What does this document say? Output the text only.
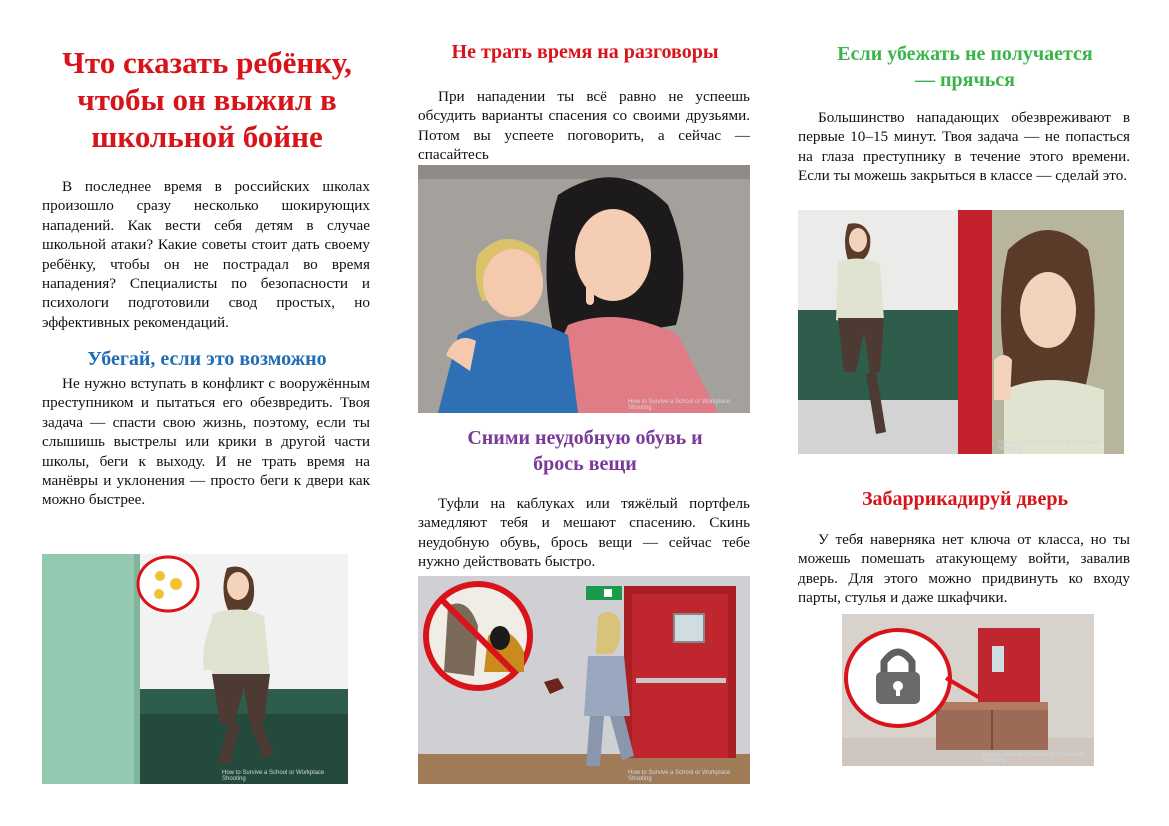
Что сказать ребёнку, чтобы он выжил в школьной бойне

В последнее время в российских школах произошло сразу несколько шокирующих нападений. Как вести себя детям в случае школьной атаки? Какие советы стоит дать своему ребёнку, чтобы он не пострадал во время нападения? Специалисты по безопасности и психологи подготовили свод простых, но эффективных рекомендаций.

Убегай, если это возможно

Не нужно вступать в конфликт с вооружённым преступником и пытаться его обезвредить. Твоя задача — спасти свою жизнь, поэтому, если ты слышишь выстрелы или крики в другой части школы, беги к выходу. И не трать время на манёвры и уклонения — просто беги к двери как можно быстрее.

How to Survive a School or Workplace Shooting
Не трать время на разговоры

При нападении ты всё равно не успеешь обсудить варианты спасения со своими друзьями. Потом вы успеете поговорить, а сейчас — спасайтесь

How to Survive a School or Workplace Shooting
Сними неудобную обувь и
брось вещи

Туфли на каблуках или тяжёлый портфель замедляют тебя и мешают спасению. Скинь неудобную обувь, брось вещи — сейчас тебе нужно действовать быстро.

How to Survive a School or Workplace Shooting
Если убежать не получается
— прячься

Большинство нападающих обезвреживают в первые 10–15 минут. Твоя задача — не попасться на глаза преступнику в течение этого времени. Если ты можешь закрыться в классе — сделай это.

How to Survive a School or Workplace Shooting
Забаррикадируй дверь

У тебя наверняка нет ключа от класса, но ты можешь помешать атакующему войти, завалив дверь. Для этого можно придвинуть ко входу парты, стулья и даже шкафчики.

How to Survive a School or Workplace Shooting
